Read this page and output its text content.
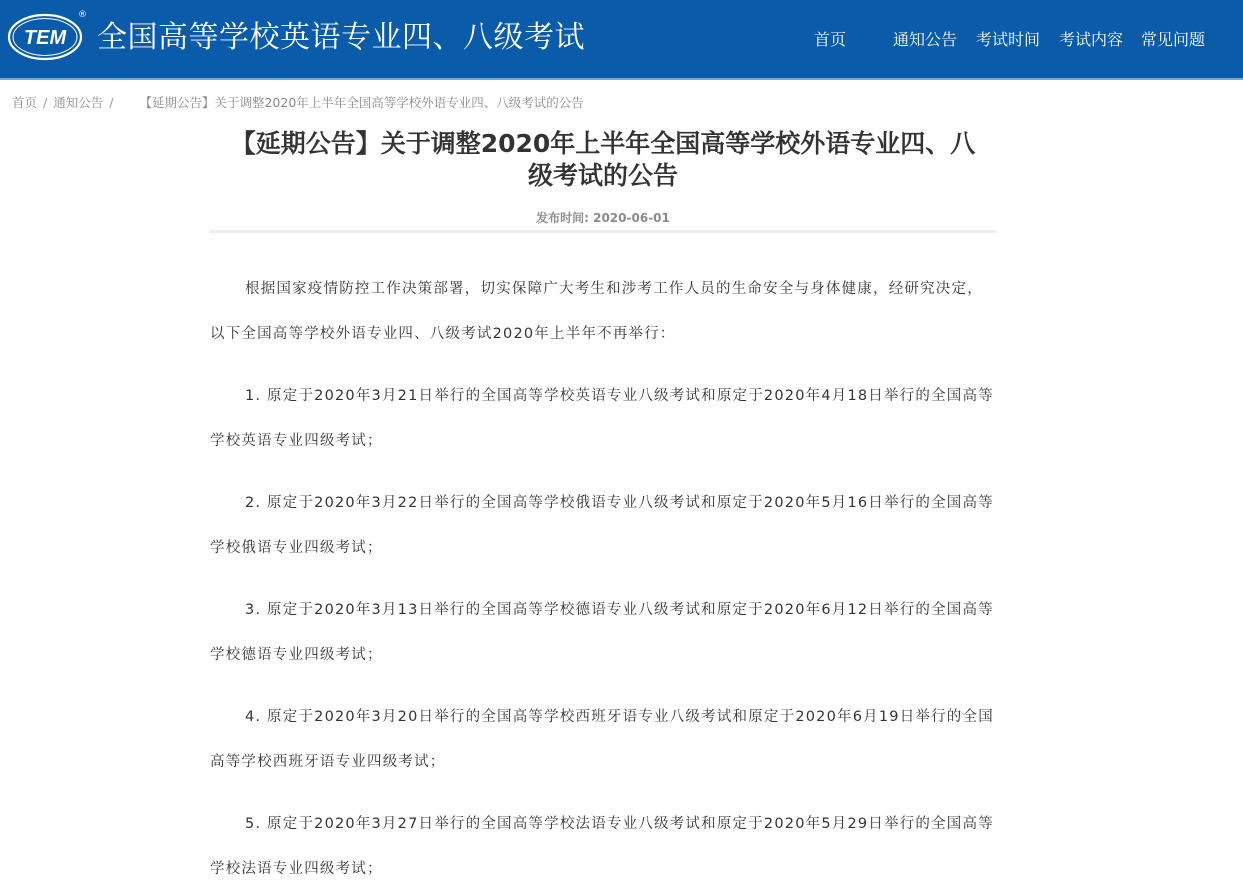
TEM
®
全国高等学校英语专业四、八级考试	首页	通知公告 考试时间 考试内容 常见问题
首页 / 通知公告 / 【延期公告】关于调整2020年上半年全国高等学校外语专业四、八级考试的公告
【延期公告】关于调整2020年上半年全国高等学校外语专业四、八级考试的公告
发布时间: 2020-06-01

根据国家疫情防控工作决策部署，切实保障广大考生和涉考工作人员的生命安全与身体健康，经研究决定，以下全国高等学校外语专业四、八级考试2020年上半年不再举行：

1. 原定于2020年3月21日举行的全国高等学校英语专业八级考试和原定于2020年4月18日举行的全国高等学校英语专业四级考试；

2. 原定于2020年3月22日举行的全国高等学校俄语专业八级考试和原定于2020年5月16日举行的全国高等学校俄语专业四级考试；

3. 原定于2020年3月13日举行的全国高等学校德语专业八级考试和原定于2020年6月12日举行的全国高等学校德语专业四级考试；

4. 原定于2020年3月20日举行的全国高等学校西班牙语专业八级考试和原定于2020年6月19日举行的全国高等学校西班牙语专业四级考试；

5. 原定于2020年3月27日举行的全国高等学校法语专业八级考试和原定于2020年5月29日举行的全国高等学校法语专业四级考试；
